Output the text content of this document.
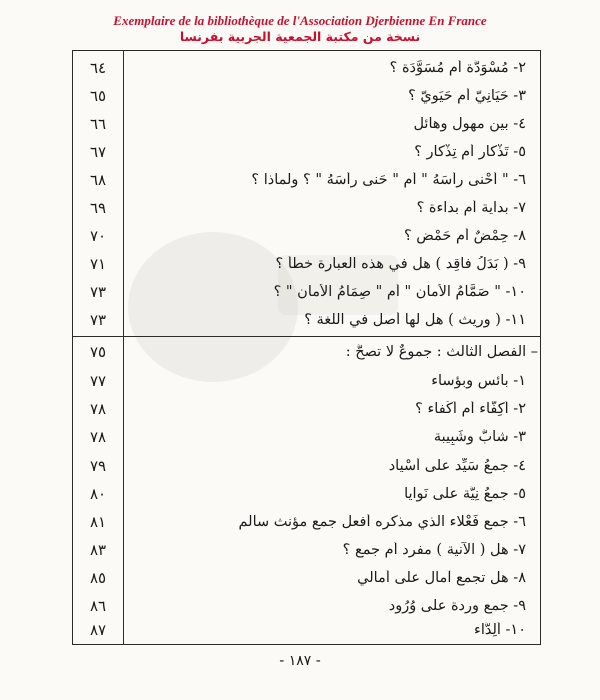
Exemplaire de la bibliothèque de l'Association Djerbienne En France
نسخة من مكتبة الجمعية الجربية بفرنسا
٦٤	٢- مُسْوَدَّة أم مُسَوَّدَة ؟
٦٥	٣- حَيَانِيّ أم حَيَوِيّ ؟
٦٦	٤- بين مهول وهائل
٦٧	٥- تَذْكار أم تِذْكار ؟
٦٨	٦- " أحْنى رأسَهُ " أم " حَنى رأسَهُ " ؟ ولماذا ؟
٦٩	٧- بداية أم بداءة ؟
٧٠	٨- حِمْضٌ أم حَمْض ؟
٧١	٩- ( بَدَلُ فاقِد ) هل في هذه العبارة خطأ ؟
٧٣	١٠- " صَمَّامُ الأمان " أم " صِمَامُ الأمان " ؟
٧٣	١١- ( وريث ) هل لها أصل في اللغة ؟
٧٥	– الفصل الثالث : جموعٌ لا تصحُّ :
٧٧	١- بائس وبؤساء
٧٨	٢- أكِفّاء أم أكْفاء ؟
٧٨	٣- شابٌّ وشَبِيبة
٧٩	٤- جمعُ سَيِّد على أسْياد
٨٠	٥- جمعُ نِيَّة على نَوايا
٨١	٦- جمع فَعْلاء الذي مذكره أفعل جمع مؤنث سالم
٨٣	٧- هل ( الآنية ) مفرد أم جمع ؟
٨٥	٨- هل تجمع آمال على أمالي
٨٦	٩- جمع وردة على وُرُود
٨٧	١٠- ألِدَّاء
- ١٨٧ -
